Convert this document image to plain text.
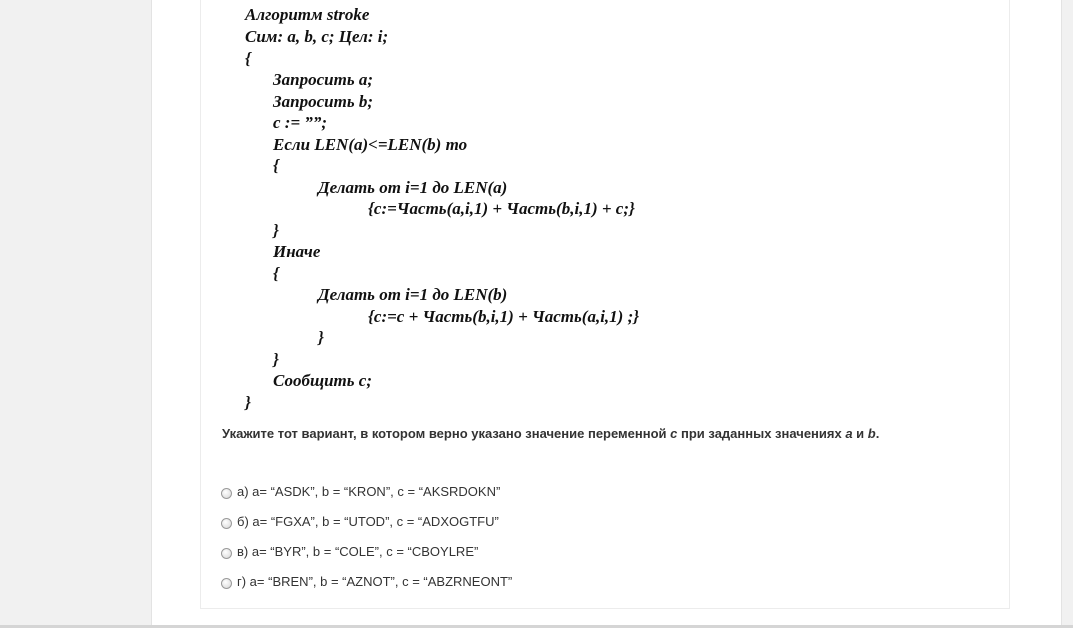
Алгоритм stroke
Сим: a, b, c; Цел: i;
{
Запросить a;
Запросить b;
c := ””;
Если LEN(a)<=LEN(b) то
{
Делать от i=1 до LEN(a)
{c:=Часть(a,i,1) + Часть(b,i,1) + c;}
}
Иначе
{
Делать от i=1 до LEN(b)
{c:=c + Часть(b,i,1) + Часть(a,i,1) ;}
}
}
Сообщить c;
}
Укажите тот вариант, в котором верно указано значение переменной c при заданных значениях a и b.
а) a= “ASDK”, b = “KRON”, c = “AKSRDOKN”
б) a= “FGXA”, b = “UTOD”, c = “ADXOGTFU”
в) a= “BYR”, b = “COLE”, c = “CBOYLRE”
г) a= “BREN”, b = “AZNOT”, c = “ABZRNEONT”
